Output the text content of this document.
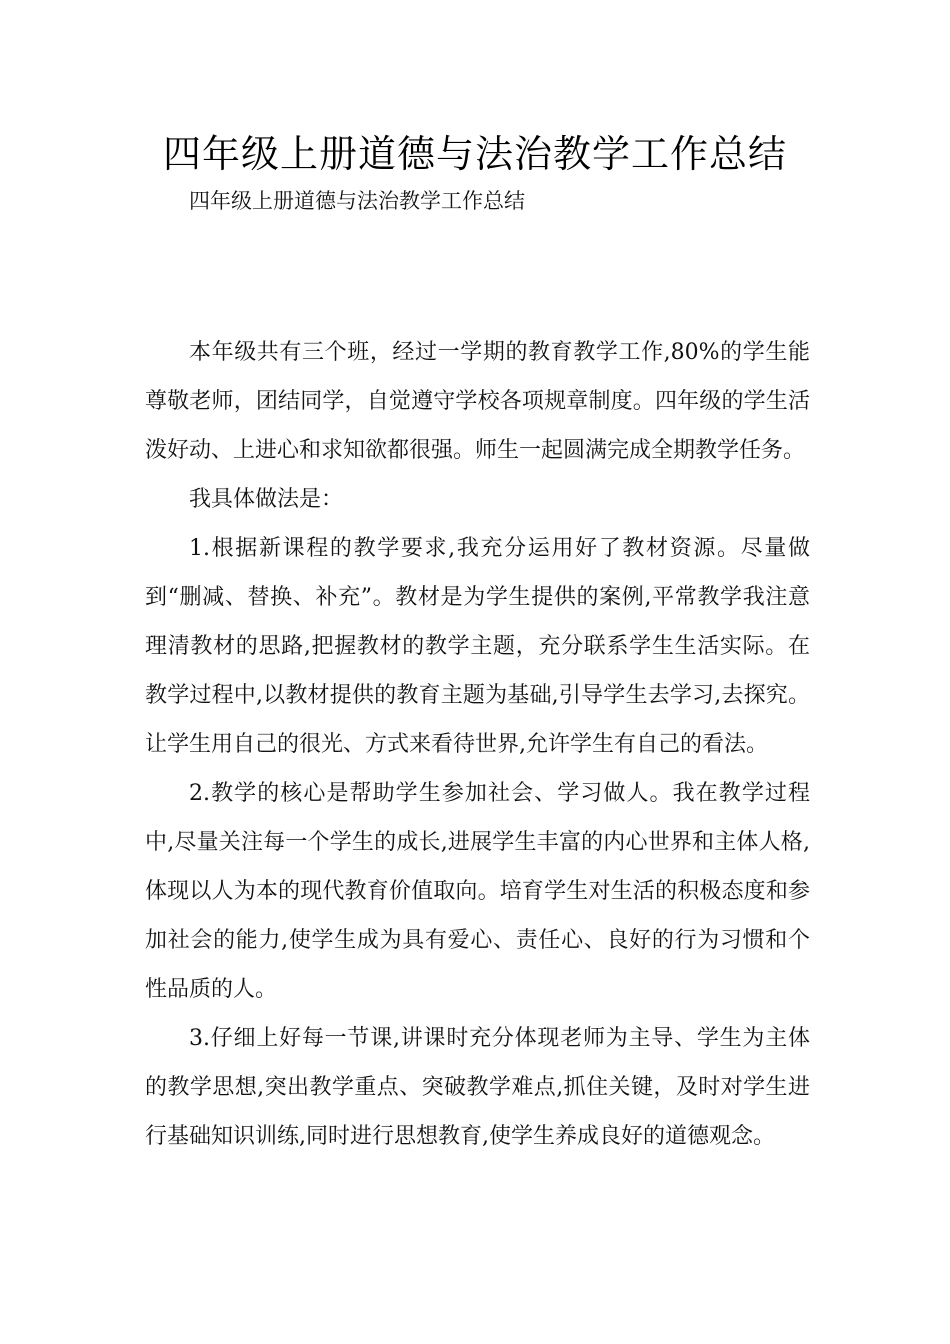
四年级上册道德与法治教学工作总结

四年级上册道德与法治教学工作总结

本年级共有三个班，经过一学期的教育教学工作,80%的学生能尊敬老师，团结同学，自觉遵守学校各项规章制度。四年级的学生活泼好动、上进心和求知欲都很强。师生一起圆满完成全期教学任务。

我具体做法是：

1.根据新课程的教学要求,我充分运用好了教材资源。尽量做到“删减、替换、补充”。教材是为学生提供的案例,平常教学我注意理清教材的思路,把握教材的教学主题，充分联系学生生活实际。在教学过程中,以教材提供的教育主题为基础,引导学生去学习,去探究。让学生用自己的很光、方式来看待世界,允许学生有自己的看法。

2.教学的核心是帮助学生参加社会、学习做人。我在教学过程中,尽量关注每一个学生的成长,进展学生丰富的内心世界和主体人格,体现以人为本的现代教育价值取向。培育学生对生活的积极态度和参加社会的能力,使学生成为具有爱心、责任心、良好的行为习惯和个性品质的人。

3.仔细上好每一节课,讲课时充分体现老师为主导、学生为主体的教学思想,突出教学重点、突破教学难点,抓住关键，及时对学生进行基础知识训练,同时进行思想教育,使学生养成良好的道德观念。
